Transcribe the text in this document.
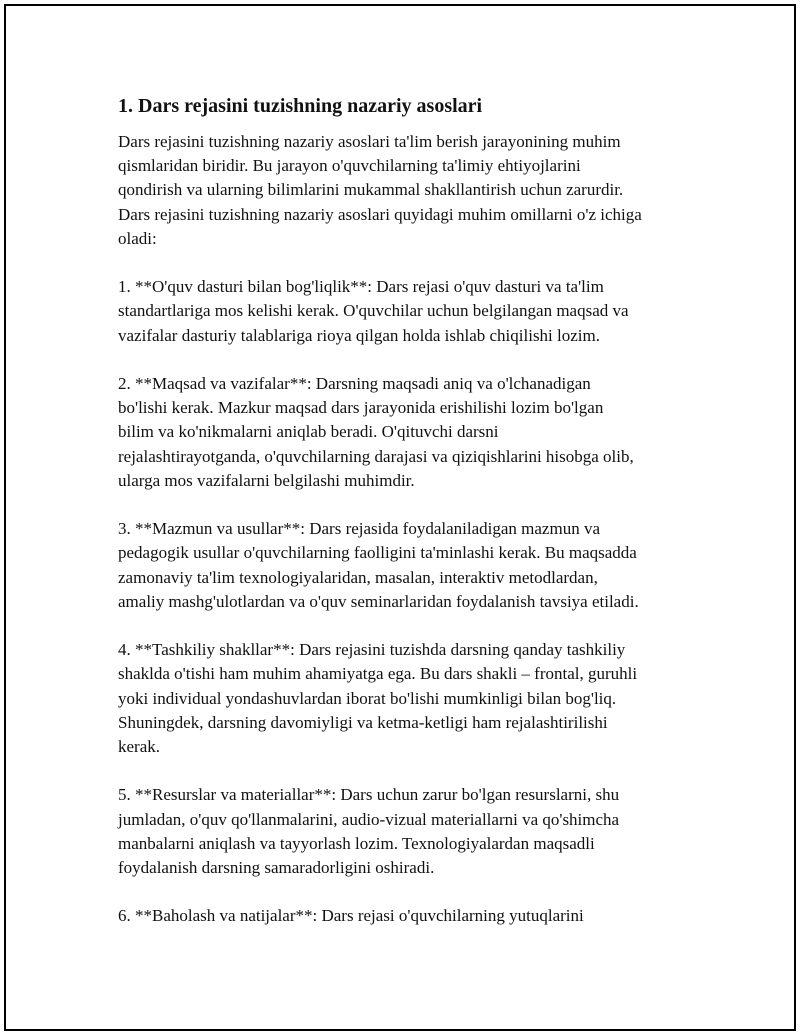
1. Dars rejasini tuzishning nazariy asoslari

Dars rejasini tuzishning nazariy asoslari ta'lim berish jarayonining muhim
qismlaridan biridir. Bu jarayon o'quvchilarning ta'limiy ehtiyojlarini
qondirish va ularning bilimlarini mukammal shakllantirish uchun zarurdir.
Dars rejasini tuzishning nazariy asoslari quyidagi muhim omillarni o'z ichiga
oladi:

1. **O'quv dasturi bilan bog'liqlik**: Dars rejasi o'quv dasturi va ta'lim
standartlariga mos kelishi kerak. O'quvchilar uchun belgilangan maqsad va
vazifalar dasturiy talablariga rioya qilgan holda ishlab chiqilishi lozim.

2. **Maqsad va vazifalar**: Darsning maqsadi aniq va o'lchanadigan
bo'lishi kerak. Mazkur maqsad dars jarayonida erishilishi lozim bo'lgan
bilim va ko'nikmalarni aniqlab beradi. O'qituvchi darsni
rejalashtirayotganda, o'quvchilarning darajasi va qiziqishlarini hisobga olib,
ularga mos vazifalarni belgilashi muhimdir.

3. **Mazmun va usullar**: Dars rejasida foydalaniladigan mazmun va
pedagogik usullar o'quvchilarning faolligini ta'minlashi kerak. Bu maqsadda
zamonaviy ta'lim texnologiyalaridan, masalan, interaktiv metodlardan,
amaliy mashg'ulotlardan va o'quv seminarlaridan foydalanish tavsiya etiladi.

4. **Tashkiliy shakllar**: Dars rejasini tuzishda darsning qanday tashkiliy
shaklda o'tishi ham muhim ahamiyatga ega. Bu dars shakli – frontal, guruhli
yoki individual yondashuvlardan iborat bo'lishi mumkinligi bilan bog'liq.
Shuningdek, darsning davomiyligi va ketma-ketligi ham rejalashtirilishi
kerak.

5. **Resurslar va materiallar**: Dars uchun zarur bo'lgan resurslarni, shu
jumladan, o'quv qo'llanmalarini, audio-vizual materiallarni va qo'shimcha
manbalarni aniqlash va tayyorlash lozim. Texnologiyalardan maqsadli
foydalanish darsning samaradorligini oshiradi.

6. **Baholash va natijalar**: Dars rejasi o'quvchilarning yutuqlarini
